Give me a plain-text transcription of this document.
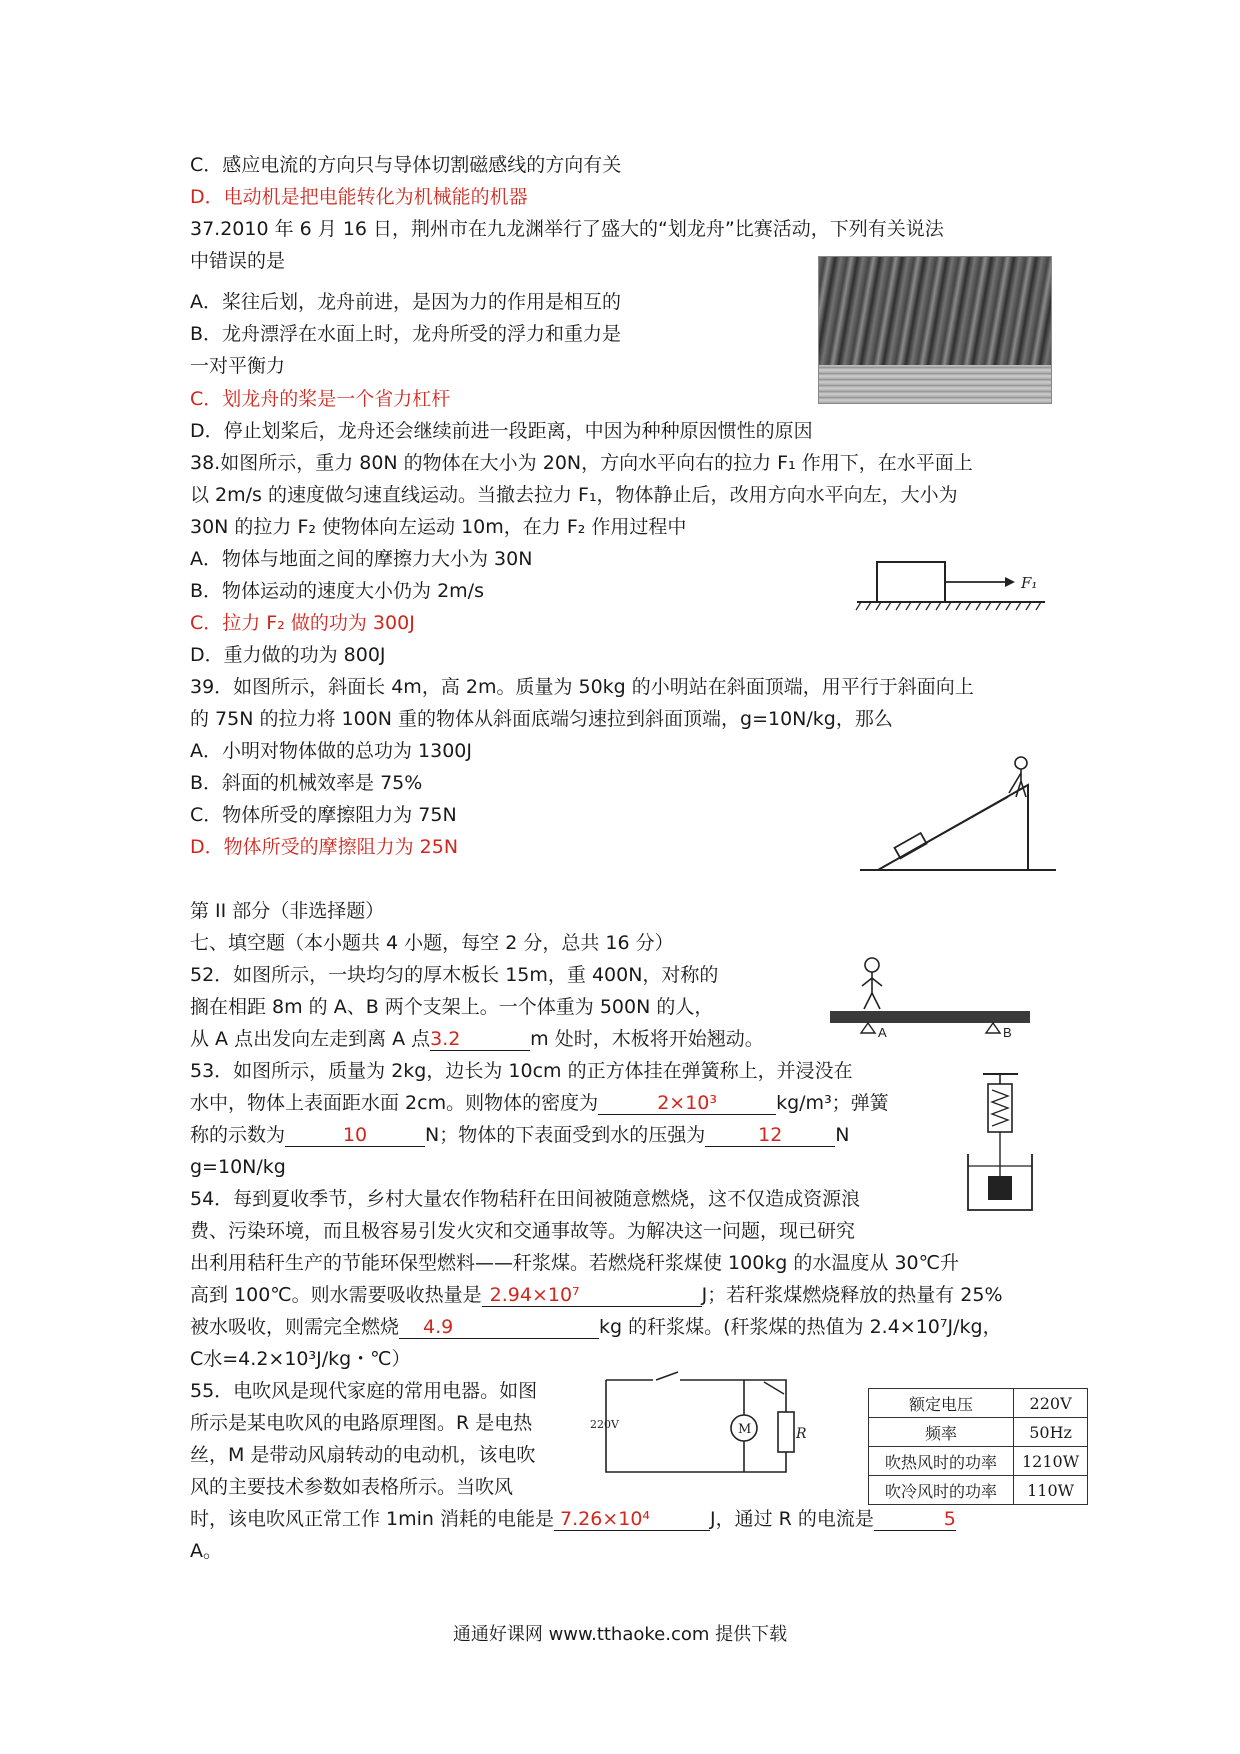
C．感应电流的方向只与导体切割磁感线的方向有关
D．电动机是把电能转化为机械能的机器
37.2010 年 6 月 16 日，荆州市在九龙渊举行了盛大的“划龙舟”比赛活动，下列有关说法
中错误的是
A．桨往后划，龙舟前进，是因为力的作用是相互的
B．龙舟漂浮在水面上时，龙舟所受的浮力和重力是
一对平衡力
C．划龙舟的桨是一个省力杠杆
D．停止划桨后，龙舟还会继续前进一段距离，中因为种种原因惯性的原因
38.如图所示，重力 80N 的物体在大小为 20N，方向水平向右的拉力 F₁ 作用下，在水平面上
以 2m/s 的速度做匀速直线运动。当撤去拉力 F₁，物体静止后，改用方向水平向左，大小为
30N 的拉力 F₂ 使物体向左运动 10m，在力 F₂ 作用过程中
A．物体与地面之间的摩擦力大小为 30N
B．物体运动的速度大小仍为 2m/s
C．拉力 F₂ 做的功为 300J
D．重力做的功为 800J
39．如图所示，斜面长 4m，高 2m。质量为 50kg 的小明站在斜面顶端，用平行于斜面向上
的 75N 的拉力将 100N 重的物体从斜面底端匀速拉到斜面顶端，g=10N/kg，那么
A．小明对物体做的总功为 1300J
B．斜面的机械效率是 75%
C．物体所受的摩擦阻力为 75N
D．物体所受的摩擦阻力为 25N
第 II 部分（非选择题）
七、填空题（本小题共 4 小题，每空 2 分，总共 16 分）
52．如图所示，一块均匀的厚木板长 15m，重 400N，对称的
搁在相距 8m 的 A、B 两个支架上。一个体重为 500N 的人，
从 A 点出发向左走到离 A 点3.2	m 处时，木板将开始翘动。
53．如图所示，质量为 2kg，边长为 10cm 的正方体挂在弹簧称上，并浸没在
水中，物体上表面距水面 2cm。则物体的密度为	2×10³	kg/m³；弹簧
称的示数为	10	N；物体的下表面受到水的压强为	12	N
g=10N/kg
54．每到夏收季节，乡村大量农作物秸秆在田间被随意燃烧，这不仅造成资源浪
费、污染环境，而且极容易引发火灾和交通事故等。为解决这一问题，现已研究
出利用秸秆生产的节能环保型燃料——秆浆煤。若燃烧秆浆煤使 100kg 的水温度从 30℃升
高到 100℃。则水需要吸收热量是 2.94×10⁷	J；若秆浆煤燃烧释放的热量有 25%
被水吸收，则需完全燃烧 4.9	kg 的秆浆煤。(秆浆煤的热值为 2.4×10⁷J/kg，
C水=4.2×10³J/kg・℃）
55．电吹风是现代家庭的常用电器。如图
所示是某电吹风的电路原理图。R 是电热
丝，M 是带动风扇转动的电动机，该电吹
风的主要技术参数如表格所示。当吹风
时，该电吹风正常工作 1min 消耗的电能是 7.26×10⁴	J，通过 R 的电流是	5
A。
F₁
A	B
R
M
220V
额定电压	220V
频率	50Hz
吹热风时的功率	1210W
吹冷风时的功率	110W
通通好课网 www.tthaoke.com 提供下载
